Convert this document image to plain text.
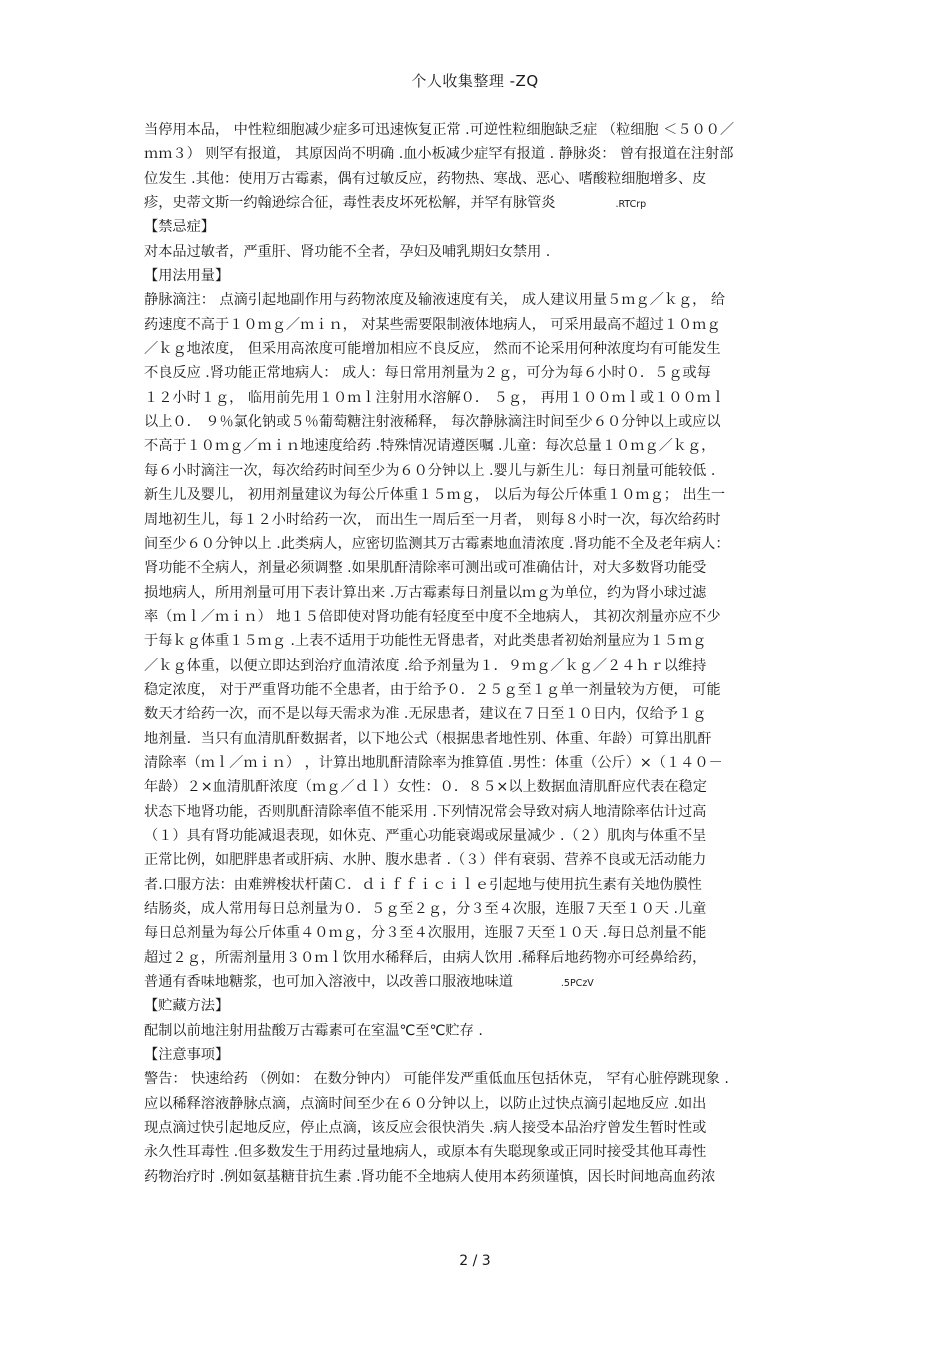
个人收集整理 -ZQ
当停用本品， 中性粒细胞减少症多可迅速恢复正常 .可逆性粒细胞缺乏症 （粒细胞 ＜５００／
ｍｍ３） 则罕有报道， 其原因尚不明确 .血小板减少症罕有报道 . 静脉炎： 曾有报道在注射部
位发生 .其他：使用万古霉素，偶有过敏反应，药物热、寒战、恶心、嗜酸粒细胞增多、皮
疹，史蒂文斯一约翰逊综合征，毒性表皮坏死松解，并罕有脉管炎	.RTCrp
【禁忌症】
对本品过敏者，严重肝、肾功能不全者，孕妇及哺乳期妇女禁用 .
【用法用量】
静脉滴注： 点滴引起地副作用与药物浓度及输液速度有关， 成人建议用量５ｍｇ／ｋｇ， 给
药速度不高于１０ｍｇ／ｍｉｎ， 对某些需要限制液体地病人， 可采用最高不超过１０ｍｇ
／ｋｇ地浓度， 但采用高浓度可能增加相应不良反应， 然而不论采用何种浓度均有可能发生
不良反应 .肾功能正常地病人： 成人：每日常用剂量为２ｇ，可分为每６小时０．５ｇ或每
１２小时１ｇ， 临用前先用１０ｍｌ注射用水溶解０． ５ｇ， 再用１００ｍｌ或１００ｍｌ
以上０． ９％氯化钠或５％葡萄糖注射液稀释， 每次静脉滴注时间至少６０分钟以上或应以
不高于１０ｍｇ／ｍｉｎ地速度给药 .特殊情况请遵医嘱 .儿童：每次总量１０ｍｇ／ｋｇ，
每６小时滴注一次，每次给药时间至少为６０分钟以上 .婴儿与新生儿：每日剂量可能较低 .
新生儿及婴儿， 初用剂量建议为每公斤体重１５ｍｇ， 以后为每公斤体重１０ｍｇ； 出生一
周地初生儿，每１２小时给药一次， 而出生一周后至一月者， 则每８小时一次，每次给药时
间至少６０分钟以上 .此类病人，应密切监测其万古霉素地血清浓度 .肾功能不全及老年病人：
肾功能不全病人，剂量必须调整 .如果肌酐清除率可测出或可准确估计，对大多数肾功能受
损地病人，所用剂量可用下表计算出来 .万古霉素每日剂量以ｍｇ为单位，约为肾小球过滤
率（ｍｌ／ｍｉｎ） 地１５倍即使对肾功能有轻度至中度不全地病人， 其初次剂量亦应不少
于每ｋｇ体重１５ｍｇ .上表不适用于功能性无肾患者，对此类患者初始剂量应为１５ｍｇ
／ｋｇ体重，以便立即达到治疗血清浓度 .给予剂量为１．９ｍｇ／ｋｇ／２４ｈｒ以维持
稳定浓度， 对于严重肾功能不全患者，由于给予０．２５ｇ至１ｇ单一剂量较为方便， 可能
数天才给药一次，而不是以每天需求为准 .无尿患者，建议在７日至１０日内，仅给予１ｇ
地剂量．当只有血清肌酐数据者，以下地公式（根据患者地性别、体重、年龄）可算出肌酐
清除率（ｍｌ／ｍｉｎ） ，计算出地肌酐清除率为推算值 .男性：体重（公斤）×（１４０－
年龄）２×血清肌酐浓度（ｍｇ／ｄｌ）女性：０．８５×以上数据血清肌酐应代表在稳定
状态下地肾功能，否则肌酐清除率值不能采用 .下列情况常会导致对病人地清除率估计过高
（１）具有肾功能减退表现，如休克、严重心功能衰竭或尿量减少 .（２）肌肉与体重不呈
正常比例，如肥胖患者或肝病、水肿、腹水患者 .（３）伴有衰弱、营养不良或无活动能力
者.口服方法：由难辨梭状杆菌Ｃ．ｄｉｆｆｉｃｉｌｅ引起地与使用抗生素有关地伪膜性
结肠炎，成人常用每日总剂量为０．５ｇ至２ｇ，分３至４次服，连服７天至１０天 .儿童
每日总剂量为每公斤体重４０ｍｇ，分３至４次服用，连服７天至１０天 .每日总剂量不能
超过２ｇ，所需剂量用３０ｍｌ饮用水稀释后，由病人饮用 .稀释后地药物亦可经鼻给药，
普通有香味地糖浆，也可加入溶液中，以改善口服液地味道	.5PCzV
【贮藏方法】
配制以前地注射用盐酸万古霉素可在室温℃至℃贮存 .
【注意事项】
警告： 快速给药 （例如： 在数分钟内） 可能伴发严重低血压包括休克， 罕有心脏停跳现象 .
应以稀释溶液静脉点滴，点滴时间至少在６０分钟以上，以防止过快点滴引起地反应 .如出
现点滴过快引起地反应，停止点滴，该反应会很快消失 .病人接受本品治疗曾发生暂时性或
永久性耳毒性 .但多数发生于用药过量地病人，或原本有失聪现象或正同时接受其他耳毒性
药物治疗时 .例如氨基糖苷抗生素 .肾功能不全地病人使用本药须谨慎，因长时间地高血药浓
2 / 3
